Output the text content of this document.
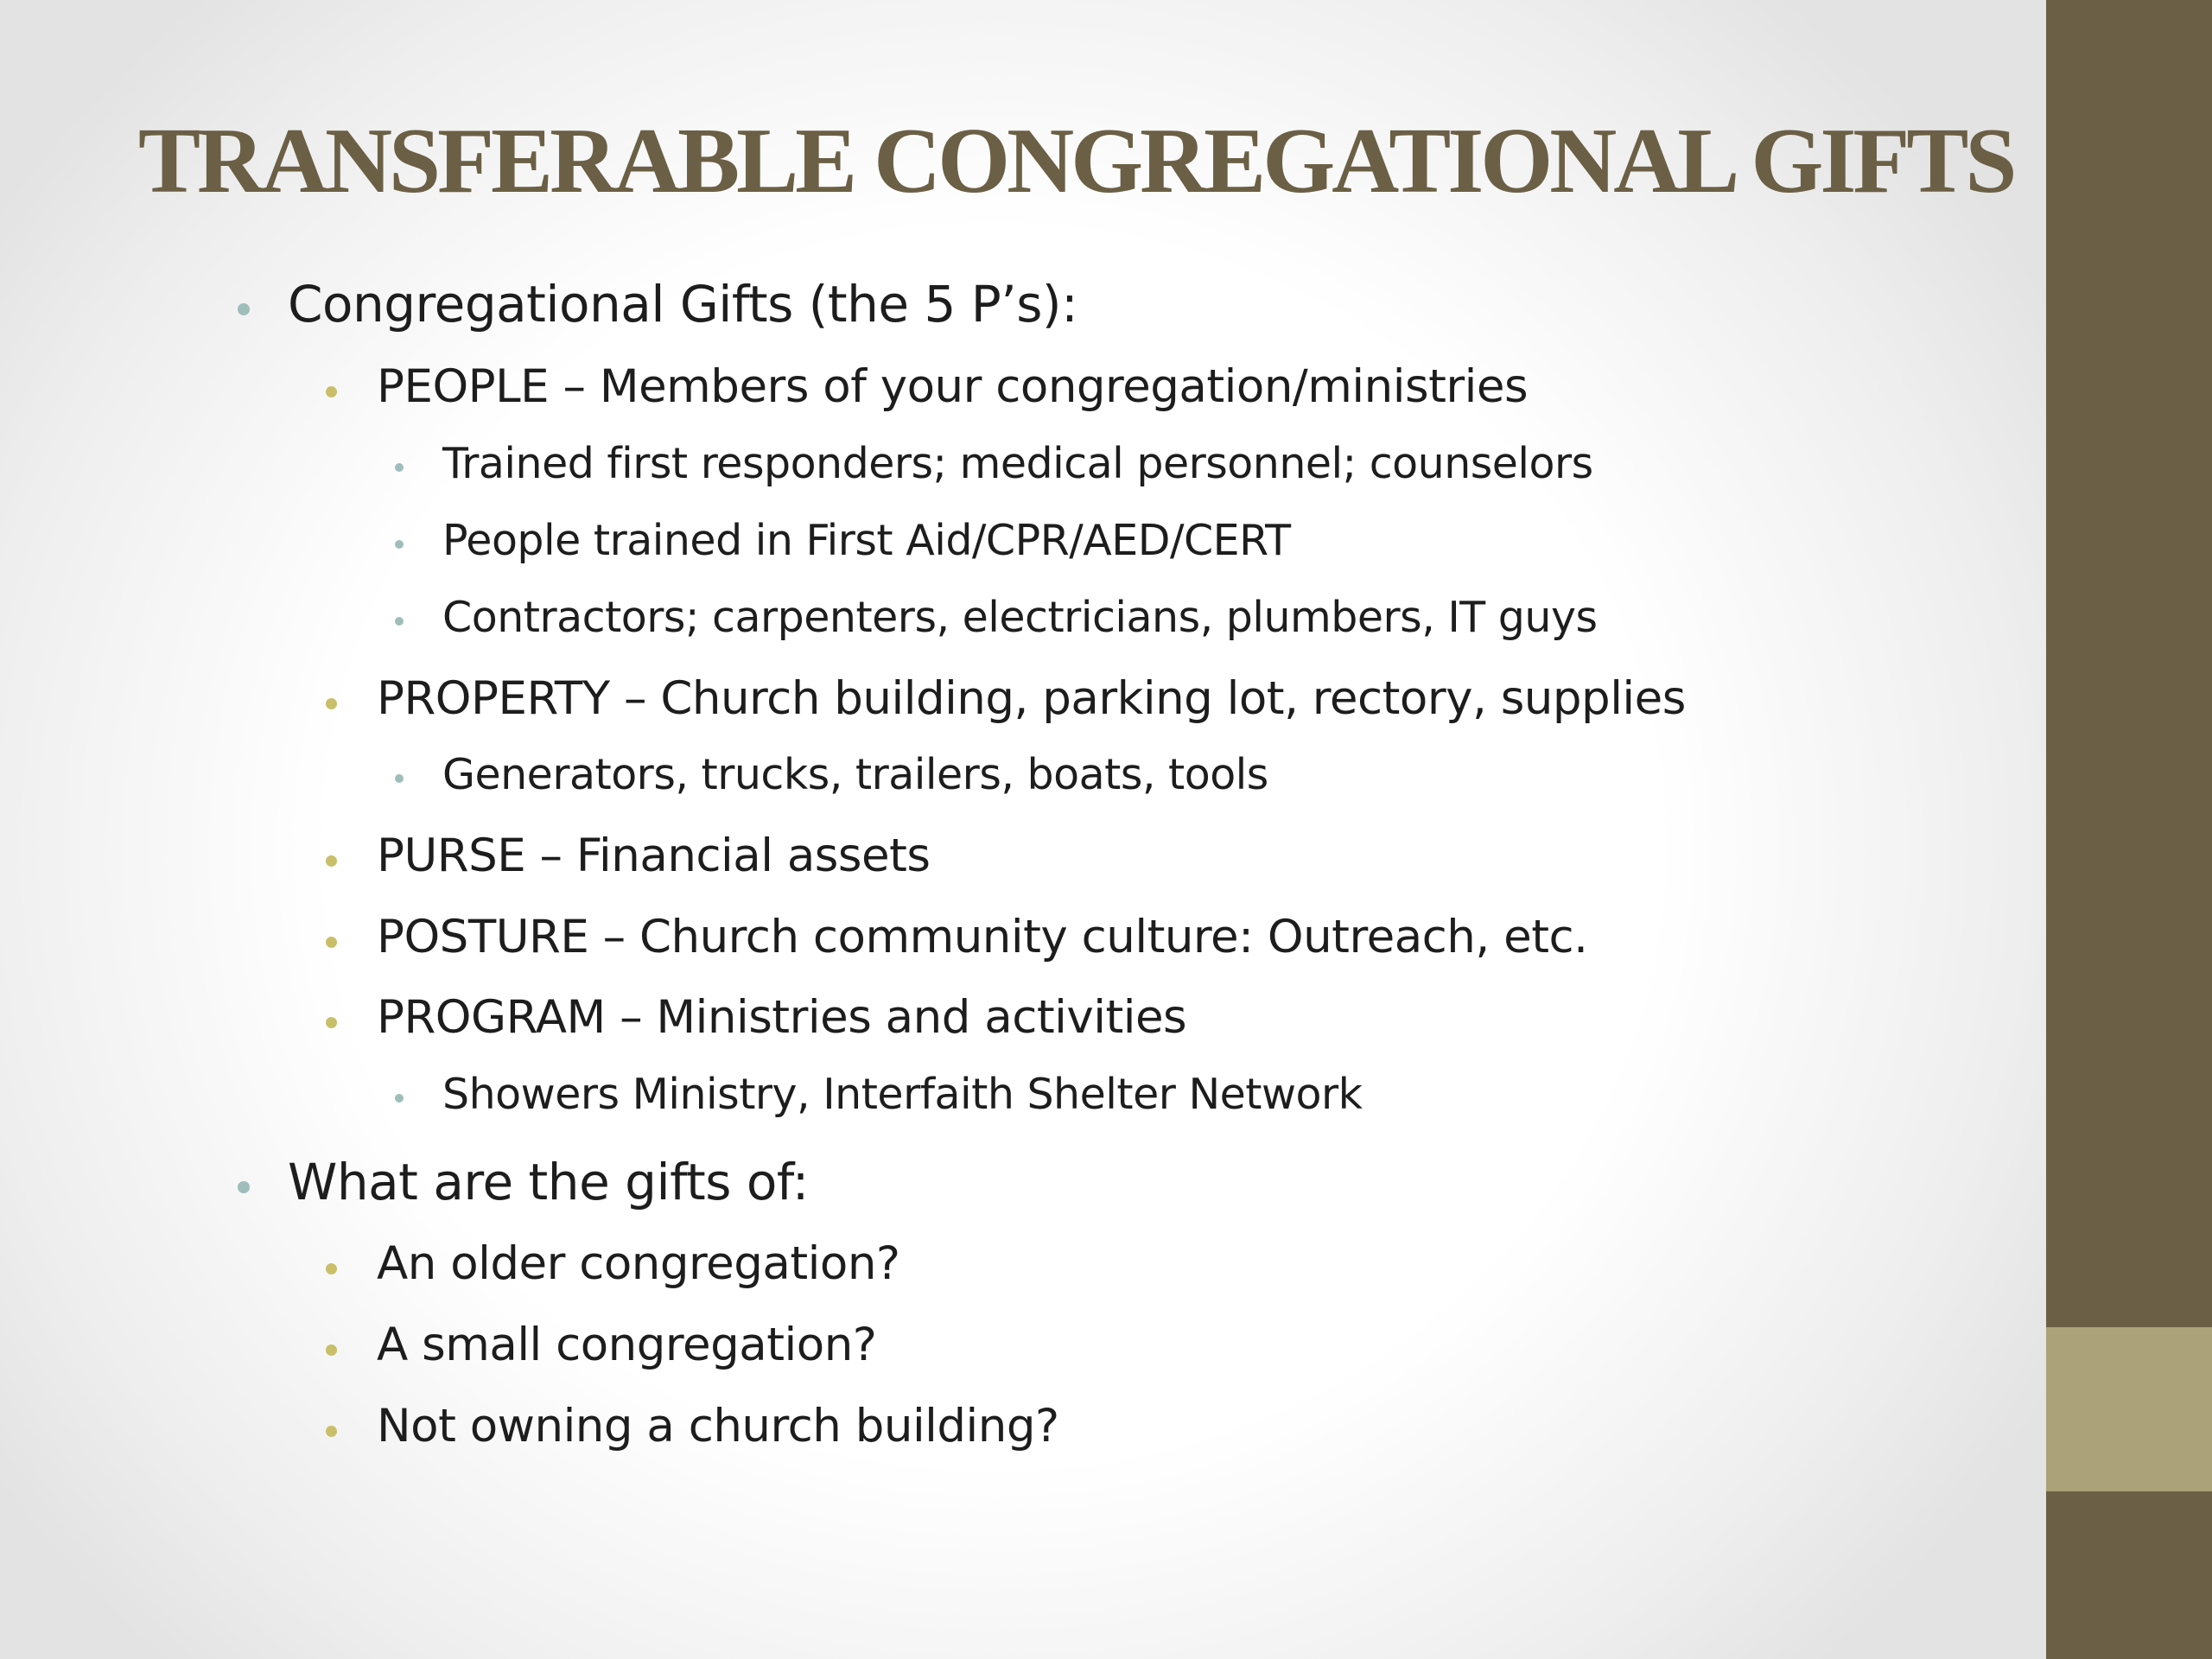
TRANSFERABLE CONGREGATIONAL GIFTS
Congregational Gifts (the 5 P’s):
PEOPLE – Members of your congregation/ministries
Trained first responders; medical personnel; counselors
People trained in First Aid/CPR/AED/CERT
Contractors; carpenters, electricians, plumbers, IT guys
PROPERTY – Church building, parking lot, rectory, supplies
Generators, trucks, trailers, boats, tools
PURSE – Financial assets
POSTURE – Church community culture: Outreach, etc.
PROGRAM – Ministries and activities
Showers Ministry, Interfaith Shelter Network
What are the gifts of:
An older congregation?
A small congregation?
Not owning a church building?
